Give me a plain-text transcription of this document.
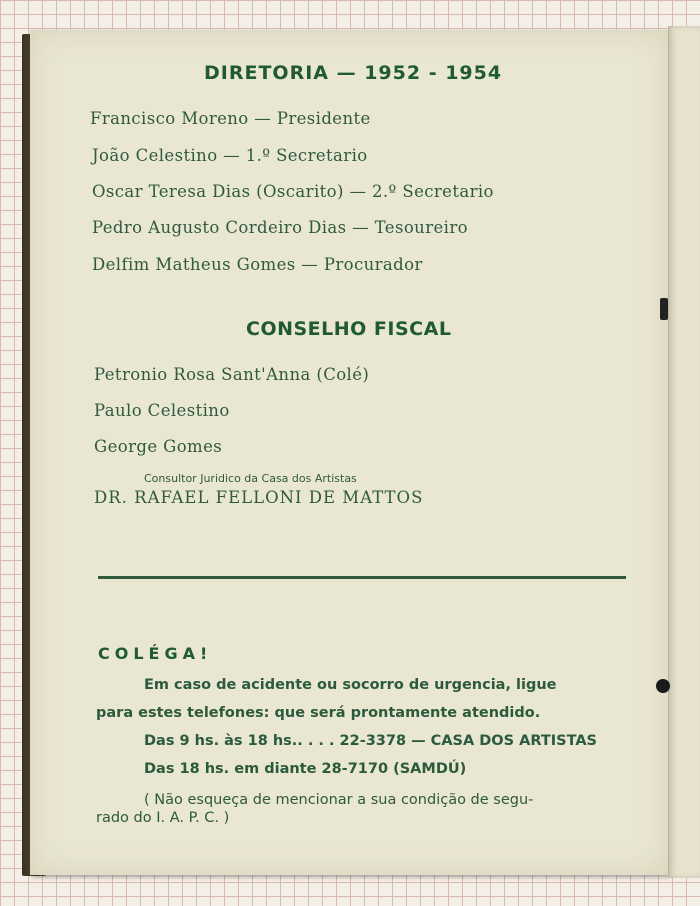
DIRETORIA — 1952 - 1954
Francisco Moreno — Presidente
João Celestino — 1.º Secretario
Oscar Teresa Dias (Oscarito) — 2.º Secretario
Pedro Augusto Cordeiro Dias — Tesoureiro
Delfim Matheus Gomes — Procurador
CONSELHO FISCAL
Petronio Rosa Sant'Anna (Colé)
Paulo Celestino
George Gomes
Consultor Juridico da Casa dos Artistas
DR. RAFAEL FELLONI DE MATTOS
COLÉGA!
Em caso de acidente ou socorro de urgencia, ligue
para estes telefones: que será prontamente atendido.
Das 9 hs. às 18 hs.. . . . 22-3378 — CASA DOS ARTISTAS
Das 18 hs. em diante 28-7170 (SAMDÚ)
( Não esqueça de mencionar a sua condição de segu-
rado do I. A. P. C. )
